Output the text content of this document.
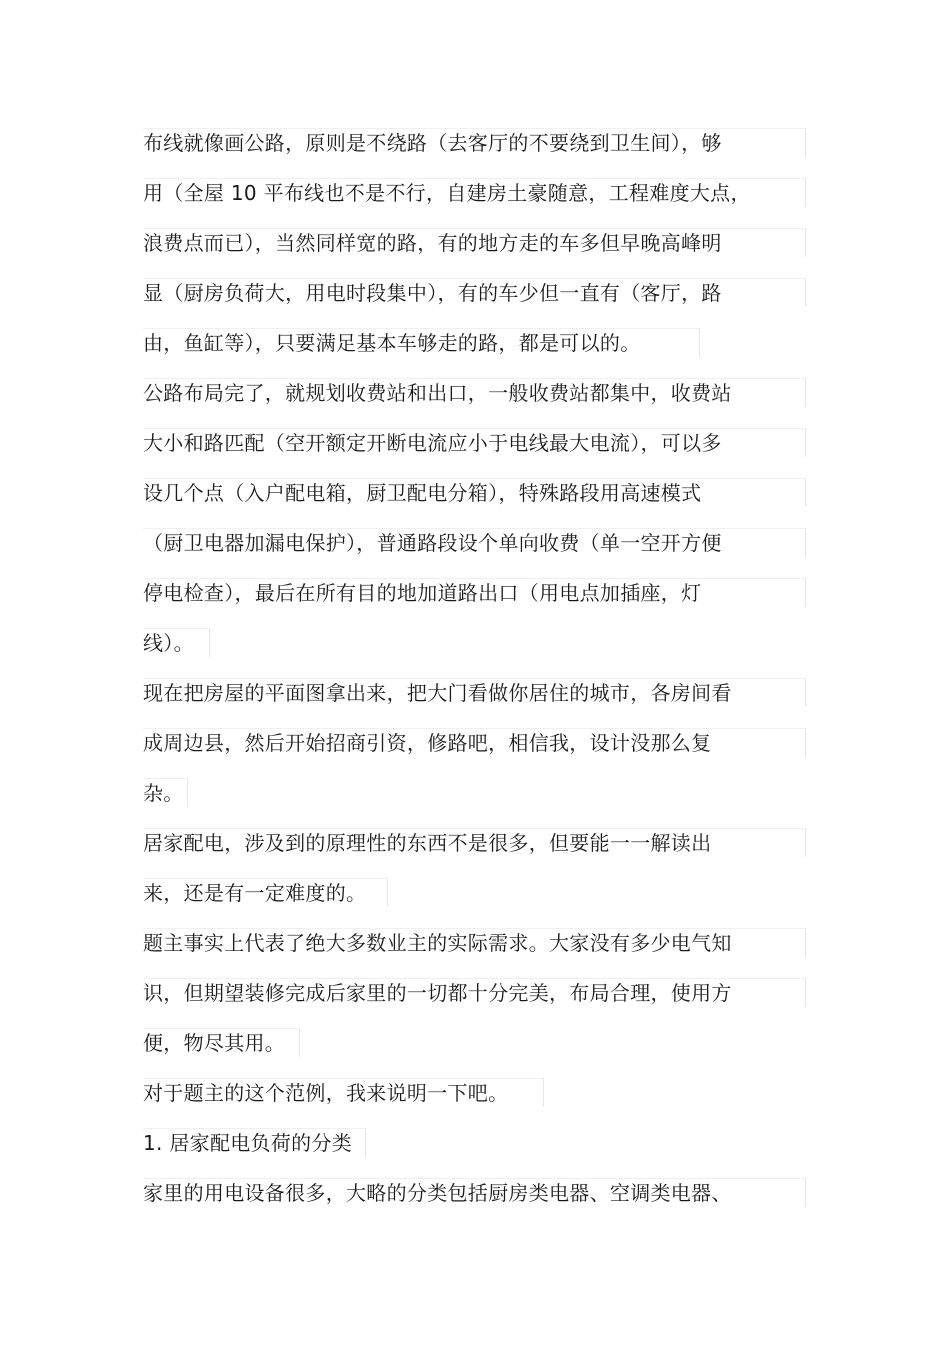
布线就像画公路，原则是不绕路（去客厅的不要绕到卫生间），够
用（全屋 10 平布线也不是不行，自建房土豪随意，工程难度大点，
浪费点而已），当然同样宽的路，有的地方走的车多但早晚高峰明
显（厨房负荷大，用电时段集中），有的车少但一直有（客厅，路
由，鱼缸等），只要满足基本车够走的路，都是可以的。
公路布局完了，就规划收费站和出口，一般收费站都集中，收费站
大小和路匹配（空开额定开断电流应小于电线最大电流），可以多
设几个点（入户配电箱，厨卫配电分箱），特殊路段用高速模式
（厨卫电器加漏电保护），普通路段设个单向收费（单一空开方便
停电检查），最后在所有目的地加道路出口（用电点加插座，灯
线）。
现在把房屋的平面图拿出来，把大门看做你居住的城市，各房间看
成周边县，然后开始招商引资，修路吧，相信我，设计没那么复
杂。
居家配电，涉及到的原理性的东西不是很多，但要能一一解读出
来，还是有一定难度的。
题主事实上代表了绝大多数业主的实际需求。大家没有多少电气知
识，但期望装修完成后家里的一切都十分完美，布局合理，使用方
便，物尽其用。
对于题主的这个范例，我来说明一下吧。
1. 居家配电负荷的分类
家里的用电设备很多，大略的分类包括厨房类电器、空调类电器、
